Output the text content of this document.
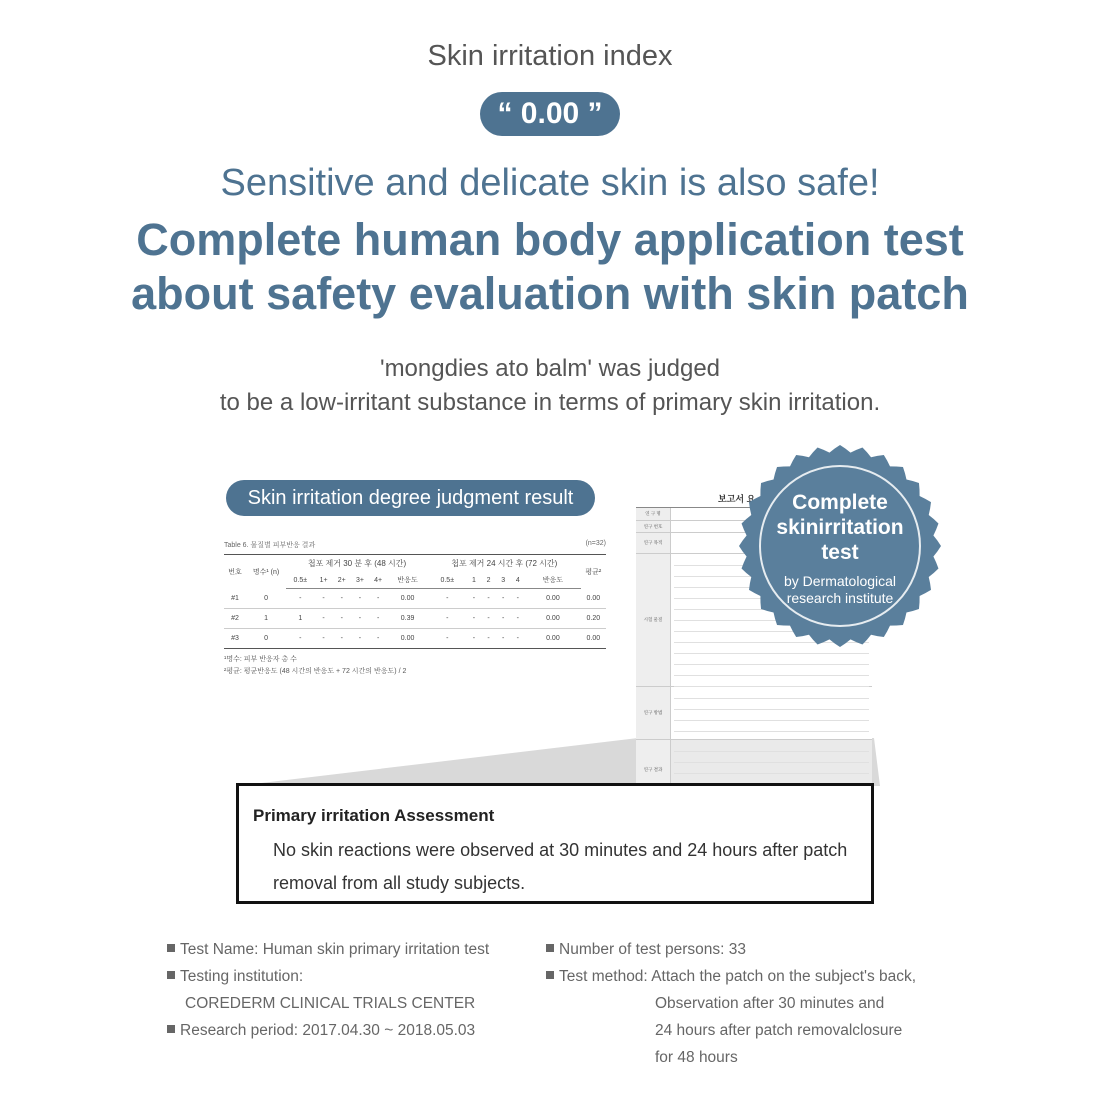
Skin irritation index
“ 0.00 ”
Sensitive and delicate skin is also safe!
Complete human body application test
about safety evaluation with skin patch
'mongdies ato balm' was judged
to be a low-irritant substance in terms of primary skin irritation.
Skin irritation degree judgment result
Table 6. 물질별 피부반응 결과	(n=32)
번호	명수¹ (n)	첩포 제거 30 분 후 (48 시간)						첩포 제거 24 시간 후 (72 시간)						평균²
		0.5±	1+	2+	3+	4+	반응도	0.5±	1	2	3	4	반응도	
#1	0	-	-	-	-	-	0.00	-	-	-	-	-	0.00	0.00
#2	1	1	-	-	-	-	0.39	-	-	-	-	-	0.00	0.20
#3	0	-	-	-	-	-	0.00	-	-	-	-	-	0.00	0.00
¹명수: 피부 반응자 총 수
²평균: 평균반응도 (48 시간의 반응도 + 72 시간의 반응도) / 2
보고서 요
연 구 명
연구 번호
연구 목적
시험 물질
연구 방법
연구 결과
Complete
skinirritation
test
by Dermatological
research institute
Primary irritation Assessment
No skin reactions were observed at 30 minutes and 24 hours after patch
removal from all study subjects.
Test Name: Human skin primary irritation test
Testing institution:
COREDERM CLINICAL TRIALS CENTER
Research period: 2017.04.30 ~ 2018.05.03
Number of test persons: 33
Test method: Attach the patch on the subject's back,
Observation after 30 minutes and
24 hours after patch removalclosure
for 48 hours
